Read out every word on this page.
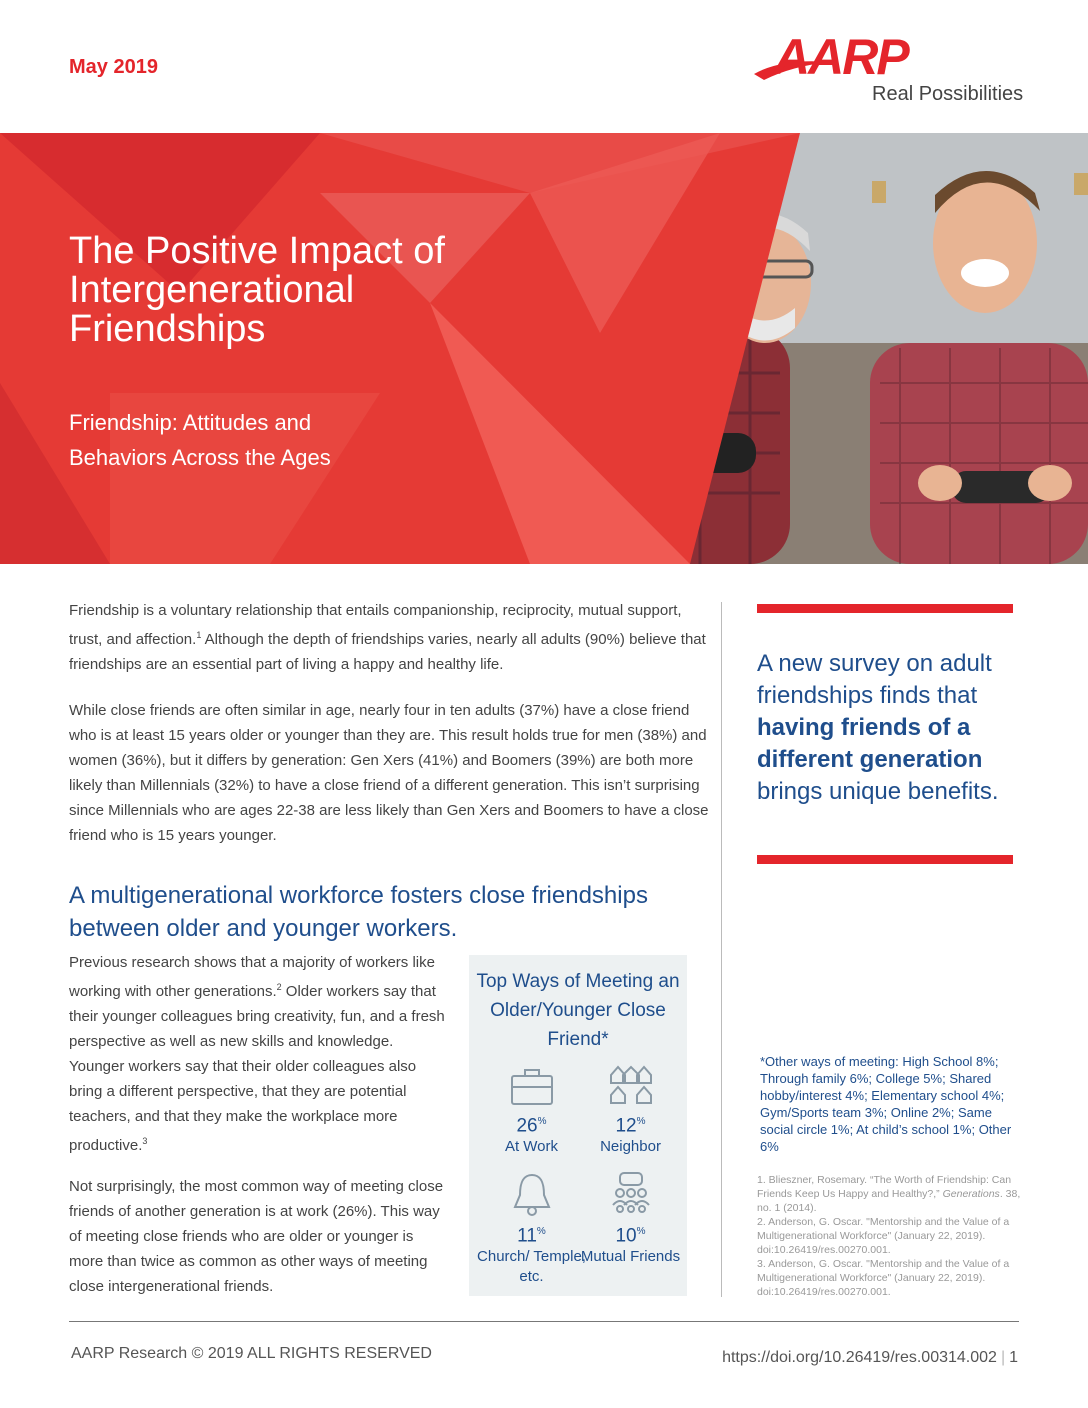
May 2019	AARP
Real Possibilities
The Positive Impact of Intergenerational Friendships
Friendship: Attitudes and Behaviors Across the Ages
Friendship is a voluntary relationship that entails companionship, reciprocity, mutual support, trust, and affection.$^1$ Although the depth of friendships varies, nearly all adults (90%) believe that friendships are an essential part of living a happy and healthy life.
While close friends are often similar in age, nearly four in ten adults (37%) have a close friend who is at least 15 years older or younger than they are. This result holds true for men (38%) and women (36%), but it differs by generation: Gen Xers (41%) and Boomers (39%) are both more likely than Millennials (32%) to have a close friend of a different generation. This isn’t surprising since Millennials who are ages 22-38 are less likely than Gen Xers and Boomers to have a close friend who is 15 years younger.
A new survey on adult friendships finds that having friends of a different generation brings unique benefits.
A multigenerational workforce fosters close friendships between older and younger workers.
Previous research shows that a majority of workers like working with other generations.$^2$ Older workers say that their younger colleagues bring creativity, fun, and a fresh perspective as well as new skills and knowledge. Younger workers say that their older colleagues also bring a different perspective, that they are potential teachers, and that they make the workplace more productive.$^3$
Not surprisingly, the most common way of meeting close friends of another generation is at work (26%). This way of meeting close friends who are older or younger is more than twice as common as other ways of meeting close intergenerational friends.
Top Ways of Meeting an Older/Younger Close Friend*
26%
At Work
12%
Neighbor
11%
Church/ Temple, etc.
10%
Mutual Friends
*Other ways of meeting: High School 8%; Through family 6%; College 5%; Shared hobby/interest 4%; Elementary school 4%; Gym/Sports team 3%; Online 2%; Same social circle 1%; At child’s school 1%; Other 6%
1. Blieszner, Rosemary. “The Worth of Friendship: Can Friends Keep Us Happy and Healthy?,” Generations. 38, no. 1 (2014).
2. Anderson, G. Oscar. "Mentorship and the Value of a Multigenerational Workforce" (January 22, 2019). doi:10.26419/res.00270.001.
3. Anderson, G. Oscar. "Mentorship and the Value of a Multigenerational Workforce" (January 22, 2019). doi:10.26419/res.00270.001.
AARP Research © 2019 ALL RIGHTS RESERVED	https://doi.org/10.26419/res.00314.002 | 1
